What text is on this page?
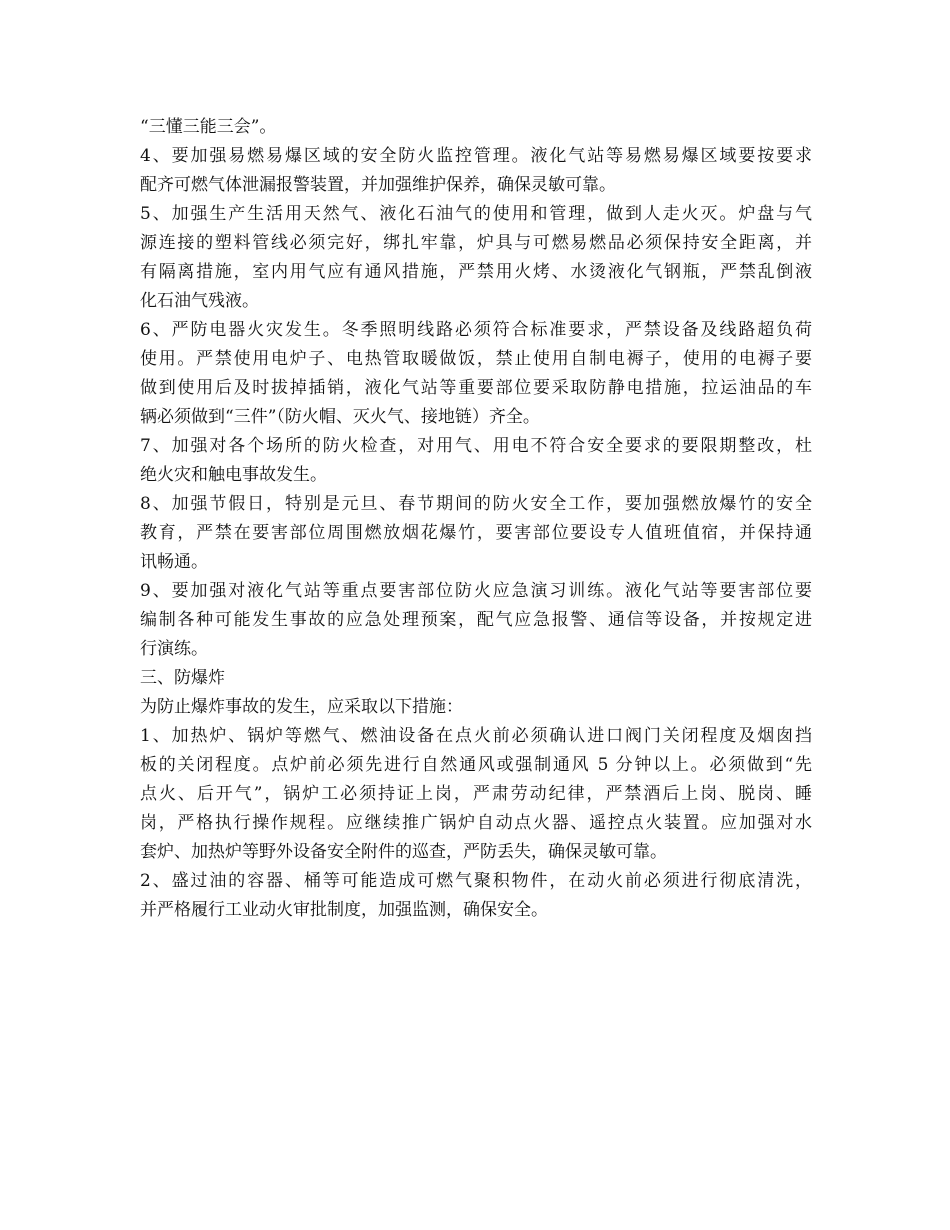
“三懂三能三会”。
4、要加强易燃易爆区域的安全防火监控管理。液化气站等易燃易爆区域要按要求
配齐可燃气体泄漏报警装置，并加强维护保养，确保灵敏可靠。
5、加强生产生活用天然气、液化石油气的使用和管理，做到人走火灭。炉盘与气
源连接的塑料管线必须完好，绑扎牢靠，炉具与可燃易燃品必须保持安全距离，并
有隔离措施，室内用气应有通风措施，严禁用火烤、水烫液化气钢瓶，严禁乱倒液
化石油气残液。
6、严防电器火灾发生。冬季照明线路必须符合标准要求，严禁设备及线路超负荷
使用。严禁使用电炉子、电热管取暖做饭，禁止使用自制电褥子，使用的电褥子要
做到使用后及时拔掉插销，液化气站等重要部位要采取防静电措施，拉运油品的车
辆必须做到“三件”（防火帽、灭火气、接地链）齐全。
7、加强对各个场所的防火检查，对用气、用电不符合安全要求的要限期整改，杜
绝火灾和触电事故发生。
8、加强节假日，特别是元旦、春节期间的防火安全工作，要加强燃放爆竹的安全
教育，严禁在要害部位周围燃放烟花爆竹，要害部位要设专人值班值宿，并保持通
讯畅通。
9、要加强对液化气站等重点要害部位防火应急演习训练。液化气站等要害部位要
编制各种可能发生事故的应急处理预案，配气应急报警、通信等设备，并按规定进
行演练。
三、防爆炸
为防止爆炸事故的发生，应采取以下措施：
1、加热炉、锅炉等燃气、燃油设备在点火前必须确认进口阀门关闭程度及烟囱挡
板的关闭程度。点炉前必须先进行自然通风或强制通风 5 分钟以上。必须做到“先
点火、后开气”，锅炉工必须持证上岗，严肃劳动纪律，严禁酒后上岗、脱岗、睡
岗，严格执行操作规程。应继续推广锅炉自动点火器、遥控点火装置。应加强对水
套炉、加热炉等野外设备安全附件的巡查，严防丢失，确保灵敏可靠。
2、盛过油的容器、桶等可能造成可燃气聚积物件，在动火前必须进行彻底清洗，
并严格履行工业动火审批制度，加强监测，确保安全。
